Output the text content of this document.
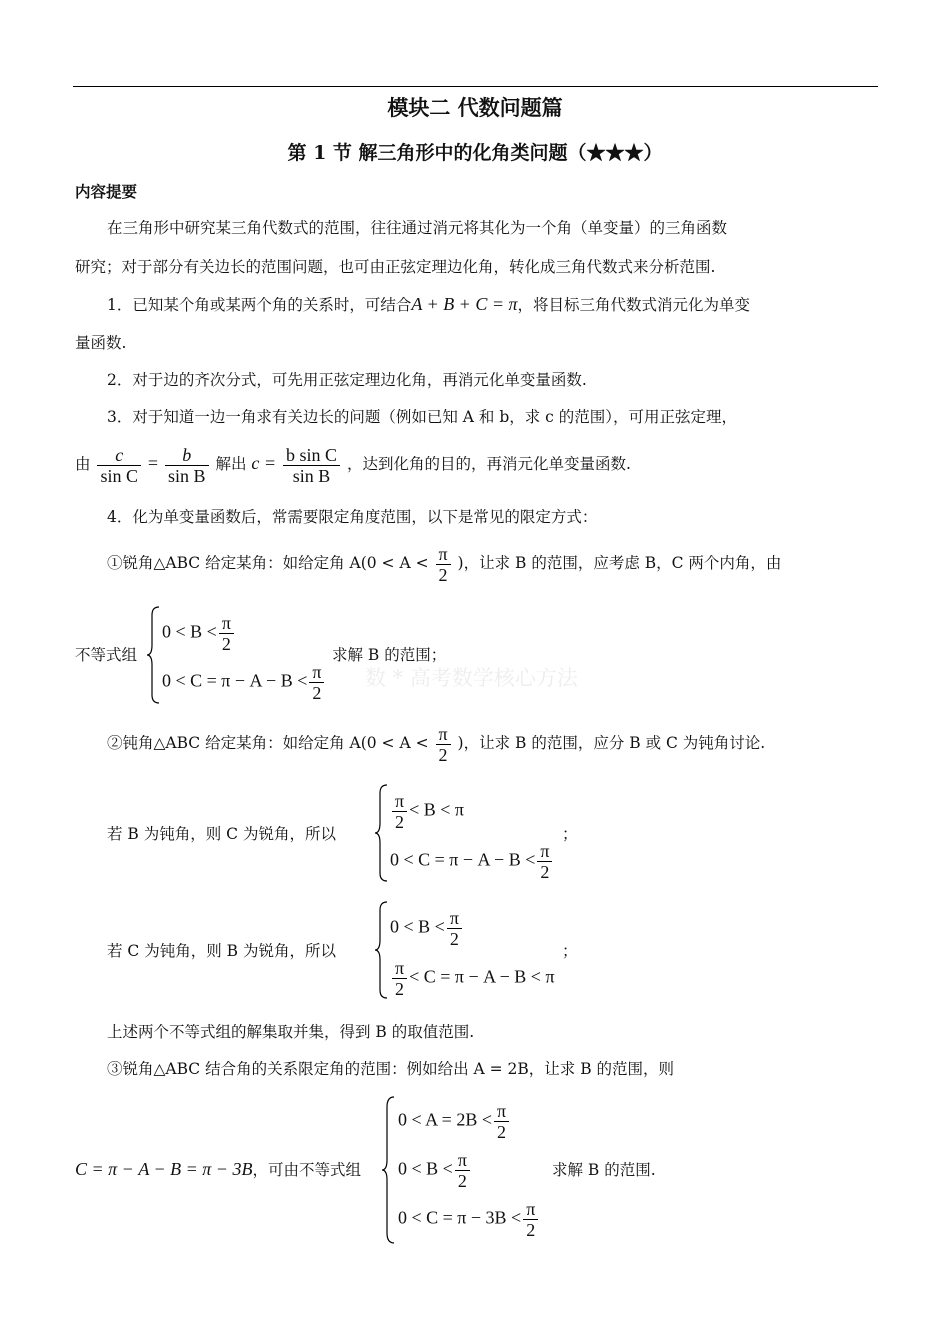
模块二 代数问题篇
第 1 节 解三角形中的化角类问题（★★★）
内容提要
数 * 高考数学核心方法
在三角形中研究某三角代数式的范围，往往通过消元将其化为一个角（单变量）的三角函数
研究；对于部分有关边长的范围问题，也可由正弦定理边化角，转化成三角代数式来分析范围.
1．已知某个角或某两个角的关系时，可结合A + B + C = π，将目标三角代数式消元化为单变
量函数.
2．对于边的齐次分式，可先用正弦定理边化角，再消元化单变量函数.
3．对于知道一边一角求有关边长的问题（例如已知 A 和 b，求 c 的范围），可用正弦定理，
由 $\frac{c}{\text{sin C}} = \frac{b}{\text{sin B}}$ 解出 $c = \frac{\text{b sin C}}{\text{sin B}}$ ，达到化角的目的，再消元化单变量函数.
4．化为单变量函数后，常需要限定角度范围，以下是常见的限定方式：
①锐角△ABC 给定某角：如给定角 $A(0 < A < \frac{\pi}{2}$ )，让求 B 的范围，应考虑 B，C 两个内角，由
不等式组
$0 < B < \frac{\pi}{2}$
$0 < C = \pi - A - B < \frac{\pi}{2}$
求解 B 的范围；
②钝角△ABC 给定某角：如给定角 $A(0 < A < \frac{\pi}{2}$ )，让求 B 的范围，应分 B 或 C 为钝角讨论.
若 B 为钝角，则 C 为锐角，所以
$\frac{\pi}{2} < B < \pi$
$0 < C = \pi - A - B < \frac{\pi}{2}$
；
若 C 为钝角，则 B 为锐角，所以
$0 < B < \frac{\pi}{2}$
$\frac{\pi}{2} < C = \pi - A - B < \pi$
；
上述两个不等式组的解集取并集，得到 B 的取值范围.
③锐角△ABC 结合角的关系限定角的范围：例如给出 A = 2B，让求 B 的范围，则
C = π − A − B = π − 3B，可由不等式组
$0 < A = 2B < \frac{\pi}{2}$
$0 < B < \frac{\pi}{2}$
$0 < C = \pi - 3B < \frac{\pi}{2}$
求解 B 的范围.
